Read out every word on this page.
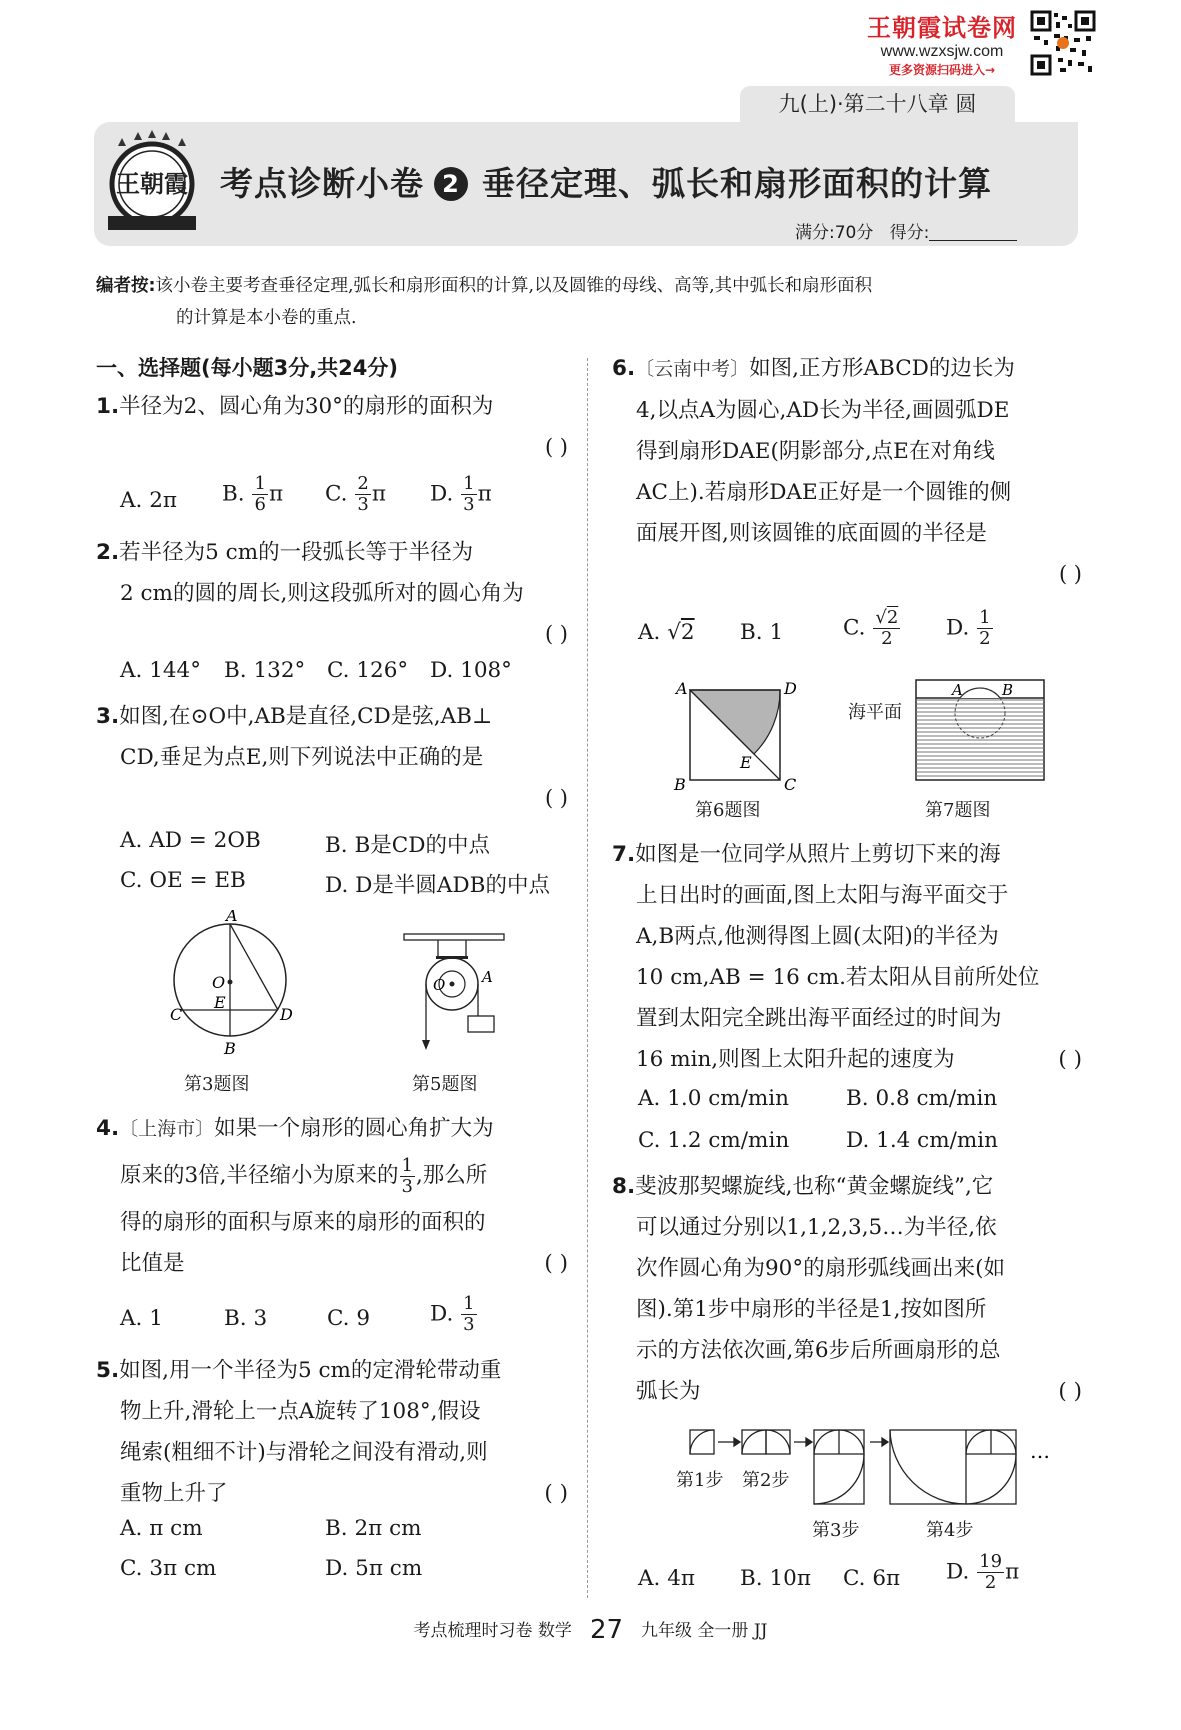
王朝霞试卷网
www.wzxsjw.com
更多资源扫码进入→
九(上)·第二十八章 圆
王朝霞 考点诊断小卷 2 垂径定理、弧长和扇形面积的计算
满分:70分 得分:
编者按:该小卷主要考查垂径定理,弧长和扇形面积的计算,以及圆锥的母线、高等,其中弧长和扇形面积
的计算是本小卷的重点.
一、选择题(每小题3分,共24分)
1.半径为2、圆心角为30°的扇形的面积为
( )
A. 2π B. $\frac{1}{6}$ π C. $\frac{2}{3}$ π D. $\frac{1}{3}$ π
2.若半径为5 cm的一段弧长等于半径为
2 cm的圆的周长,则这段弧所对的圆心角为
( )
A. 144° B. 132° C. 126° D. 108°
3.如图,在⊙O中,AB是直径,CD是弦,AB⊥
CD,垂足为点E,则下列说法中正确的是
( )
A. AD = 2OB	B. B是CD的中点
C. OE = EB	D. D是半圆ADB的中点
A
O
E
C	D
B
第3题图
O A
第5题图
4.〔上海市〕如果一个扇形的圆心角扩大为
原来的3倍,半径缩小为原来的 $\frac{1}{3}$ ,那么所
得的扇形的面积与原来的扇形的面积的
比值是	( )
A. 1	B. 3	C. 9	D. $\frac{1}{3}$
5.如图,用一个半径为5 cm的定滑轮带动重
物上升,滑轮上一点A旋转了108°,假设
绳索(粗细不计)与滑轮之间没有滑动,则
重物上升了	( )
A. π cm	B. 2π cm
C. 3π cm	D. 5π cm
6.〔云南中考〕如图,正方形ABCD的边长为
4,以点A为圆心,AD长为半径,画圆弧DE
得到扇形DAE(阴影部分,点E在对角线
AC上).若扇形DAE正好是一个圆锥的侧
面展开图,则该圆锥的底面圆的半径是
( )
A. √2 B. 1	C. $\frac{√2}{2} D$. $\frac{1}{2}$
A	D
E
B	C
第6题图
海平面
A	B
第7题图
7.如图是一位同学从照片上剪切下来的海
上日出时的画面,图上太阳与海平面交于
A,B两点,他测得图上圆(太阳)的半径为
10 cm,AB = 16 cm.若太阳从目前所处位
置到太阳完全跳出海平面经过的时间为
16 min,则图上太阳升起的速度为	( )
A. 1.0 cm/min	B. 0.8 cm/min
C. 1.2 cm/min	D. 1.4 cm/min
8.斐波那契螺旋线,也称“黄金螺旋线”,它
可以通过分别以1,1,2,3,5…为半径,依
次作圆心角为90°的扇形弧线画出来(如
图).第1步中扇形的半径是1,按如图所
示的方法依次画,第6步后所画扇形的总
弧长为	( )
…
第1步 第2步
第3步	第4步
A. 4π B. 10π C. 6π D. $\frac{19}{2}$ π
考点梳理时习卷 数学 27 九年级 全一册 JJ
